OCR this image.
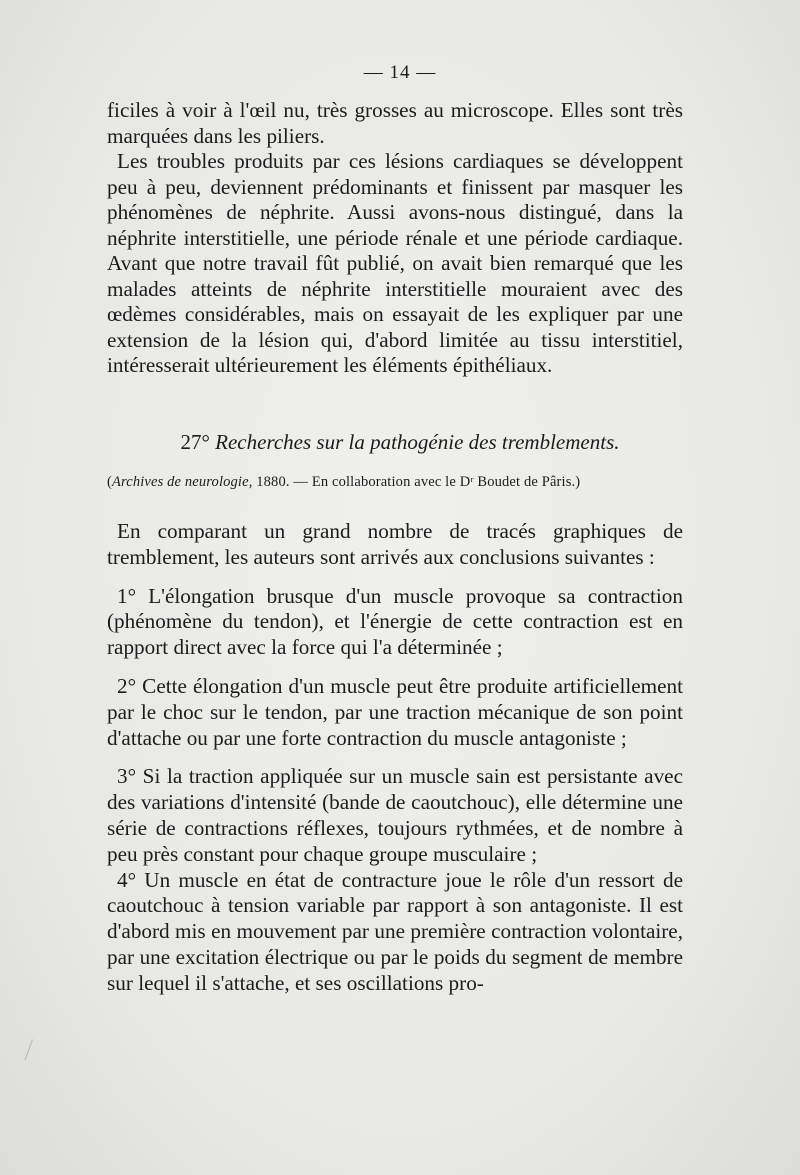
— 14 —

ficiles à voir à l'œil nu, très grosses au microscope. Elles sont très marquées dans les piliers.

Les troubles produits par ces lésions cardiaques se développent peu à peu, deviennent prédominants et finissent par masquer les phénomènes de néphrite. Aussi avons-nous distingué, dans la néphrite interstitielle, une période rénale et une période cardiaque. Avant que notre travail fût publié, on avait bien remarqué que les malades atteints de néphrite interstitielle mouraient avec des œdèmes considérables, mais on essayait de les expliquer par une extension de la lésion qui, d'abord limitée au tissu interstitiel, intéresserait ultérieurement les éléments épithéliaux.

27° Recherches sur la pathogénie des tremblements.
(Archives de neurologie, 1880. — En collaboration avec le Dʳ Boudet de Pâris.)

En comparant un grand nombre de tracés graphiques de tremblement, les auteurs sont arrivés aux conclusions suivantes :

1° L'élongation brusque d'un muscle provoque sa contraction (phénomène du tendon), et l'énergie de cette contraction est en rapport direct avec la force qui l'a déterminée ;

2° Cette élongation d'un muscle peut être produite artificiellement par le choc sur le tendon, par une traction mécanique de son point d'attache ou par une forte contraction du muscle antagoniste ;

3° Si la traction appliquée sur un muscle sain est persistante avec des variations d'intensité (bande de caoutchouc), elle détermine une série de contractions réflexes, toujours rythmées, et de nombre à peu près constant pour chaque groupe musculaire ;

4° Un muscle en état de contracture joue le rôle d'un ressort de caoutchouc à tension variable par rapport à son antagoniste. Il est d'abord mis en mouvement par une première contraction volontaire, par une excitation électrique ou par le poids du segment de membre sur lequel il s'attache, et ses oscillations pro-
